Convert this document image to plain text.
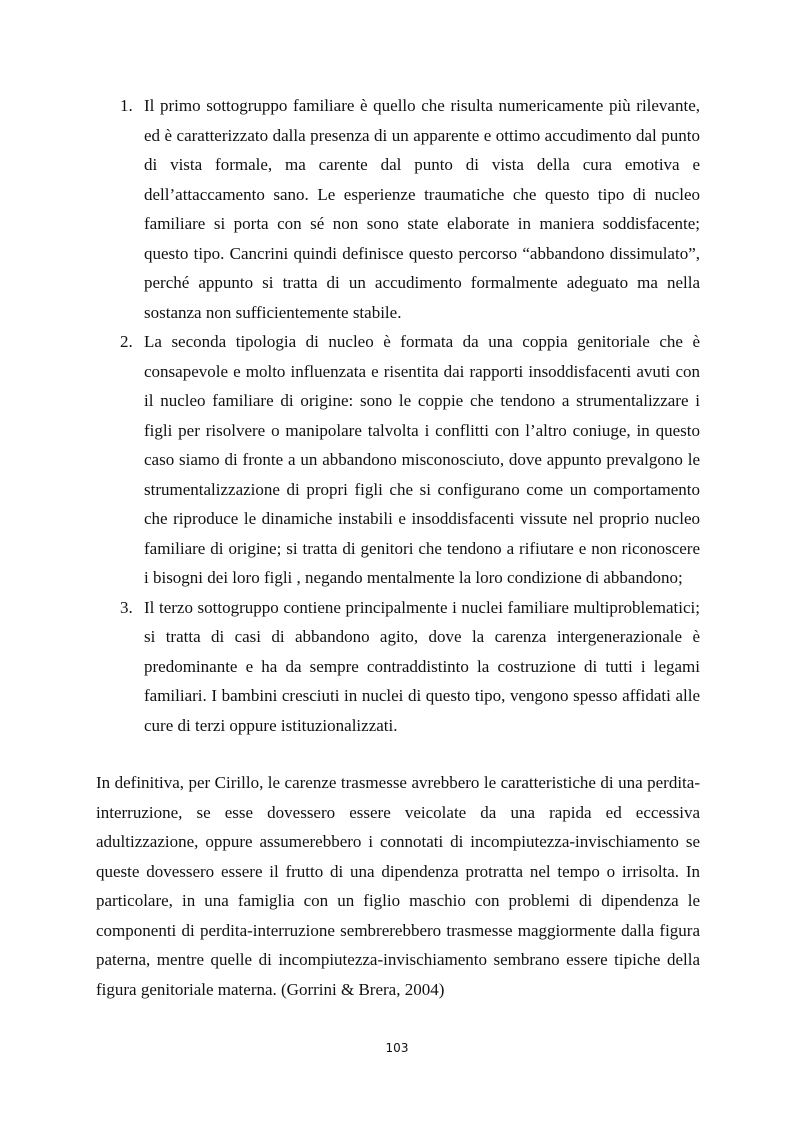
1. Il primo sottogruppo familiare è quello che risulta numericamente più rilevante, ed è caratterizzato dalla presenza di un apparente e ottimo accudimento dal punto di vista formale, ma carente dal punto di vista della cura emotiva e dell’attaccamento sano. Le esperienze traumatiche che questo tipo di nucleo familiare si porta con sé non sono state elaborate in maniera soddisfacente; questo tipo. Cancrini quindi definisce questo percorso “abbandono dissimulato”, perché appunto si tratta di un accudimento formalmente adeguato ma nella sostanza non sufficientemente stabile.
2. La seconda tipologia di nucleo è formata da una coppia genitoriale che è consapevole e molto influenzata e risentita dai rapporti insoddisfacenti avuti con il nucleo familiare di origine: sono le coppie che tendono a strumentalizzare i figli per risolvere o manipolare talvolta i conflitti con l’altro coniuge, in questo caso siamo di fronte a un abbandono misconosciuto, dove appunto prevalgono le strumentalizzazione di propri figli che si configurano come un comportamento che riproduce le dinamiche instabili e insoddisfacenti vissute nel proprio nucleo familiare di origine; si tratta di genitori che tendono a rifiutare e non riconoscere i bisogni dei loro figli , negando mentalmente la loro condizione di abbandono;
3. Il terzo sottogruppo contiene principalmente i nuclei familiare multiproblematici; si tratta di casi di abbandono agito, dove la carenza intergenerazionale è predominante e ha da sempre contraddistinto la costruzione di tutti i legami familiari. I bambini cresciuti in nuclei di questo tipo, vengono spesso affidati alle cure di terzi oppure istituzionalizzati.

In definitiva, per Cirillo, le carenze trasmesse avrebbero le caratteristiche di una perdita-interruzione, se esse dovessero essere veicolate da una rapida ed eccessiva adultizzazione, oppure assumerebbero i connotati di incompiutezza-invischiamento se queste dovessero essere il frutto di una dipendenza protratta nel tempo o irrisolta. In particolare, in una famiglia con un figlio maschio con problemi di dipendenza le componenti di perdita-interruzione sembrerebbero trasmesse maggiormente dalla figura paterna, mentre quelle di incompiutezza-invischiamento sembrano essere tipiche della figura genitoriale materna. (Gorrini & Brera, 2004)

103
